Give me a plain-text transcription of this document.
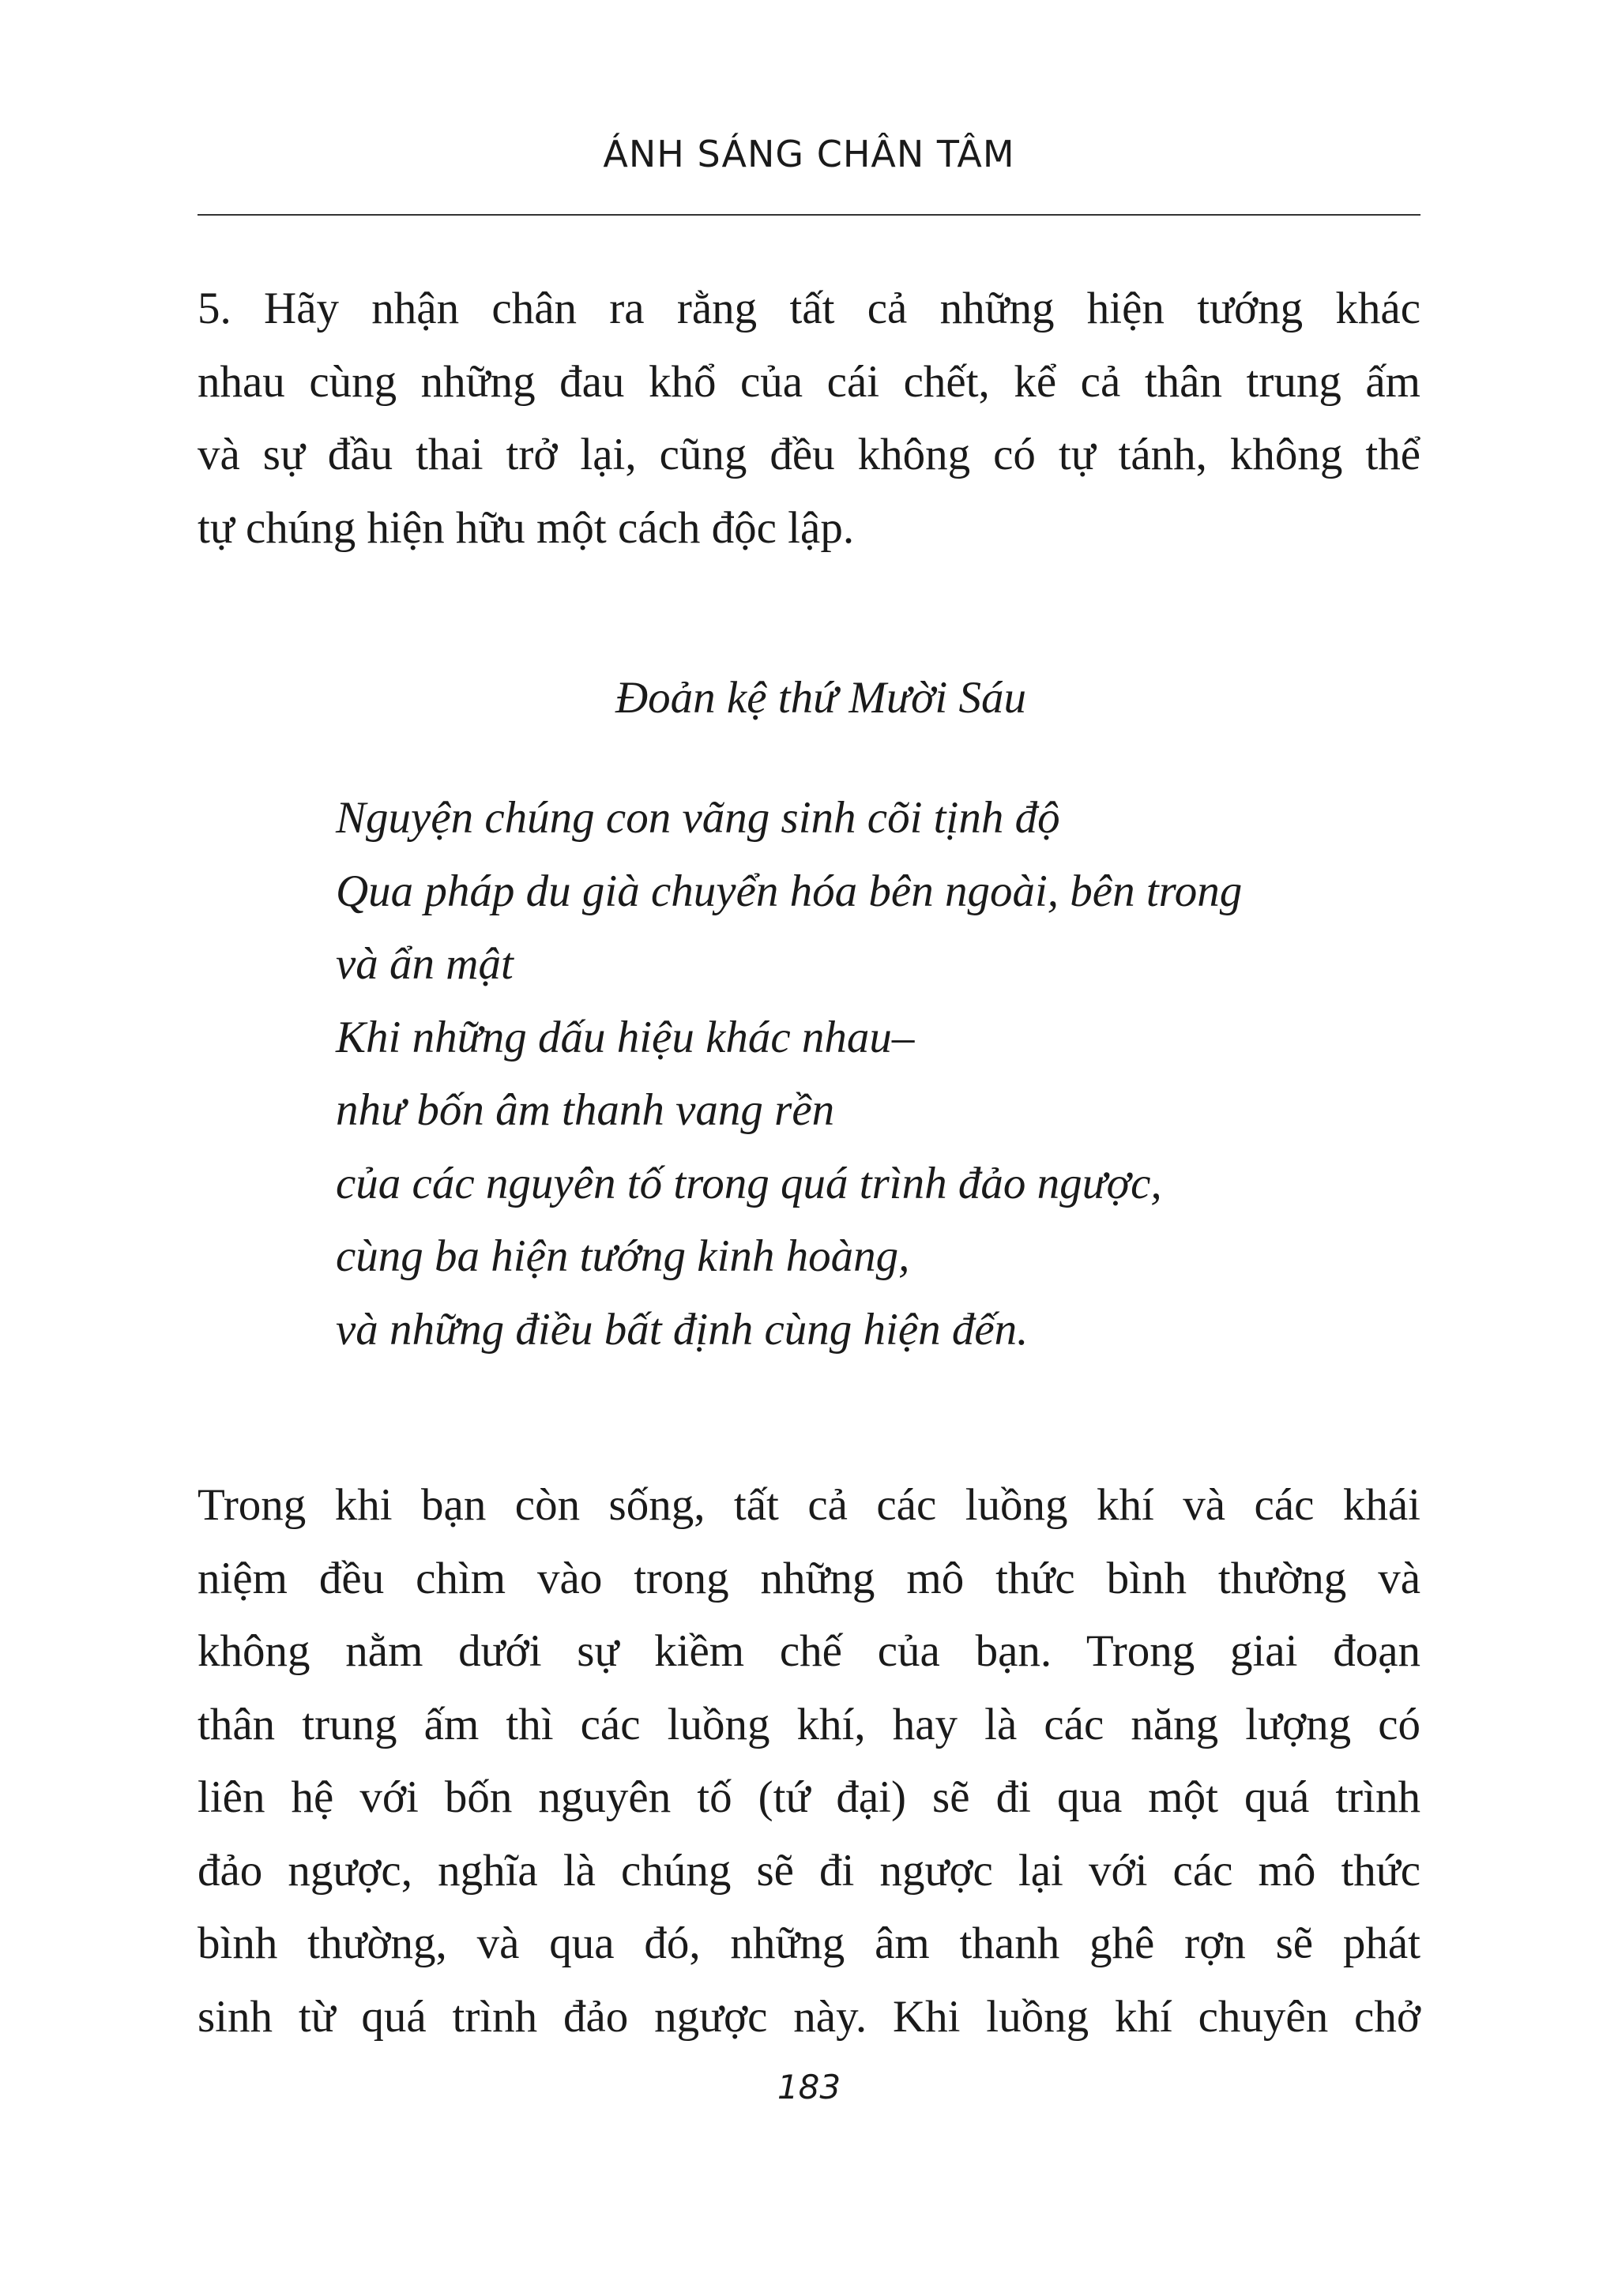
ÁNH SÁNG CHÂN TÂM

5. Hãy nhận chân ra rằng tất cả những hiện tướng khác
nhau cùng những đau khổ của cái chết, kể cả thân trung ấm
và sự đầu thai trở lại, cũng đều không có tự tánh, không thể
tự chúng hiện hữu một cách độc lập.

Đoản kệ thứ Mười Sáu
Nguyện chúng con vãng sinh cõi tịnh độ
Qua pháp du già chuyển hóa bên ngoài, bên trong
và ẩn mật
Khi những dấu hiệu khác nhau–
như bốn âm thanh vang rền
của các nguyên tố trong quá trình đảo ngược,
cùng ba hiện tướng kinh hoàng,
và những điều bất định cùng hiện đến.

Trong khi bạn còn sống, tất cả các luồng khí và các khái
niệm đều chìm vào trong những mô thức bình thường và
không nằm dưới sự kiềm chế của bạn. Trong giai đoạn
thân trung ấm thì các luồng khí, hay là các năng lượng có
liên hệ với bốn nguyên tố (tứ đại) sẽ đi qua một quá trình
đảo ngược, nghĩa là chúng sẽ đi ngược lại với các mô thức
bình thường, và qua đó, những âm thanh ghê rợn sẽ phát
sinh từ quá trình đảo ngược này. Khi luồng khí chuyên chở

183
